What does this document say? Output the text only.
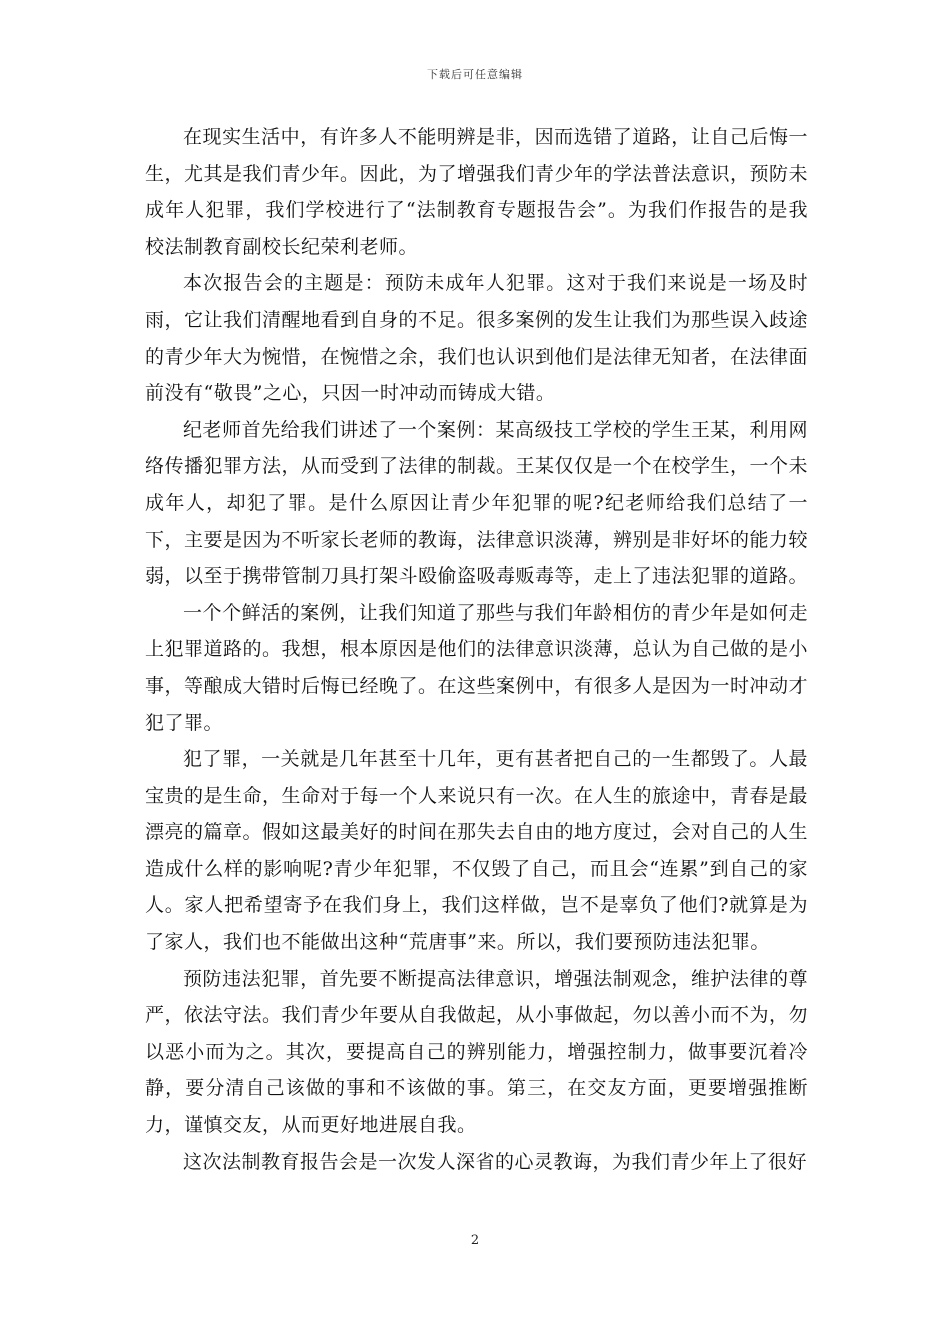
下载后可任意编辑

在现实生活中，有许多人不能明辨是非，因而选错了道路，让自己后悔一生，尤其是我们青少年。因此，为了增强我们青少年的学法普法意识，预防未成年人犯罪，我们学校进行了“法制教育专题报告会”。为我们作报告的是我校法制教育副校长纪荣利老师。

本次报告会的主题是：预防未成年人犯罪。这对于我们来说是一场及时雨，它让我们清醒地看到自身的不足。很多案例的发生让我们为那些误入歧途的青少年大为惋惜，在惋惜之余，我们也认识到他们是法律无知者，在法律面前没有“敬畏”之心，只因一时冲动而铸成大错。

纪老师首先给我们讲述了一个案例：某高级技工学校的学生王某，利用网络传播犯罪方法，从而受到了法律的制裁。王某仅仅是一个在校学生，一个未成年人，却犯了罪。是什么原因让青少年犯罪的呢?纪老师给我们总结了一下，主要是因为不听家长老师的教诲，法律意识淡薄，辨别是非好坏的能力较弱，以至于携带管制刀具打架斗殴偷盗吸毒贩毒等，走上了违法犯罪的道路。

一个个鲜活的案例，让我们知道了那些与我们年龄相仿的青少年是如何走上犯罪道路的。我想，根本原因是他们的法律意识淡薄，总认为自己做的是小事，等酿成大错时后悔已经晚了。在这些案例中，有很多人是因为一时冲动才犯了罪。

犯了罪，一关就是几年甚至十几年，更有甚者把自己的一生都毁了。人最宝贵的是生命，生命对于每一个人来说只有一次。在人生的旅途中，青春是最漂亮的篇章。假如这最美好的时间在那失去自由的地方度过，会对自己的人生造成什么样的影响呢?青少年犯罪，不仅毁了自己，而且会“连累”到自己的家人。家人把希望寄予在我们身上，我们这样做，岂不是辜负了他们?就算是为了家人，我们也不能做出这种“荒唐事”来。所以，我们要预防违法犯罪。

预防违法犯罪，首先要不断提高法律意识，增强法制观念，维护法律的尊严，依法守法。我们青少年要从自我做起，从小事做起，勿以善小而不为，勿以恶小而为之。其次，要提高自己的辨别能力，增强控制力，做事要沉着冷静，要分清自己该做的事和不该做的事。第三，在交友方面，更要增强推断力，谨慎交友，从而更好地进展自我。

这次法制教育报告会是一次发人深省的心灵教诲，为我们青少年上了很好

2
